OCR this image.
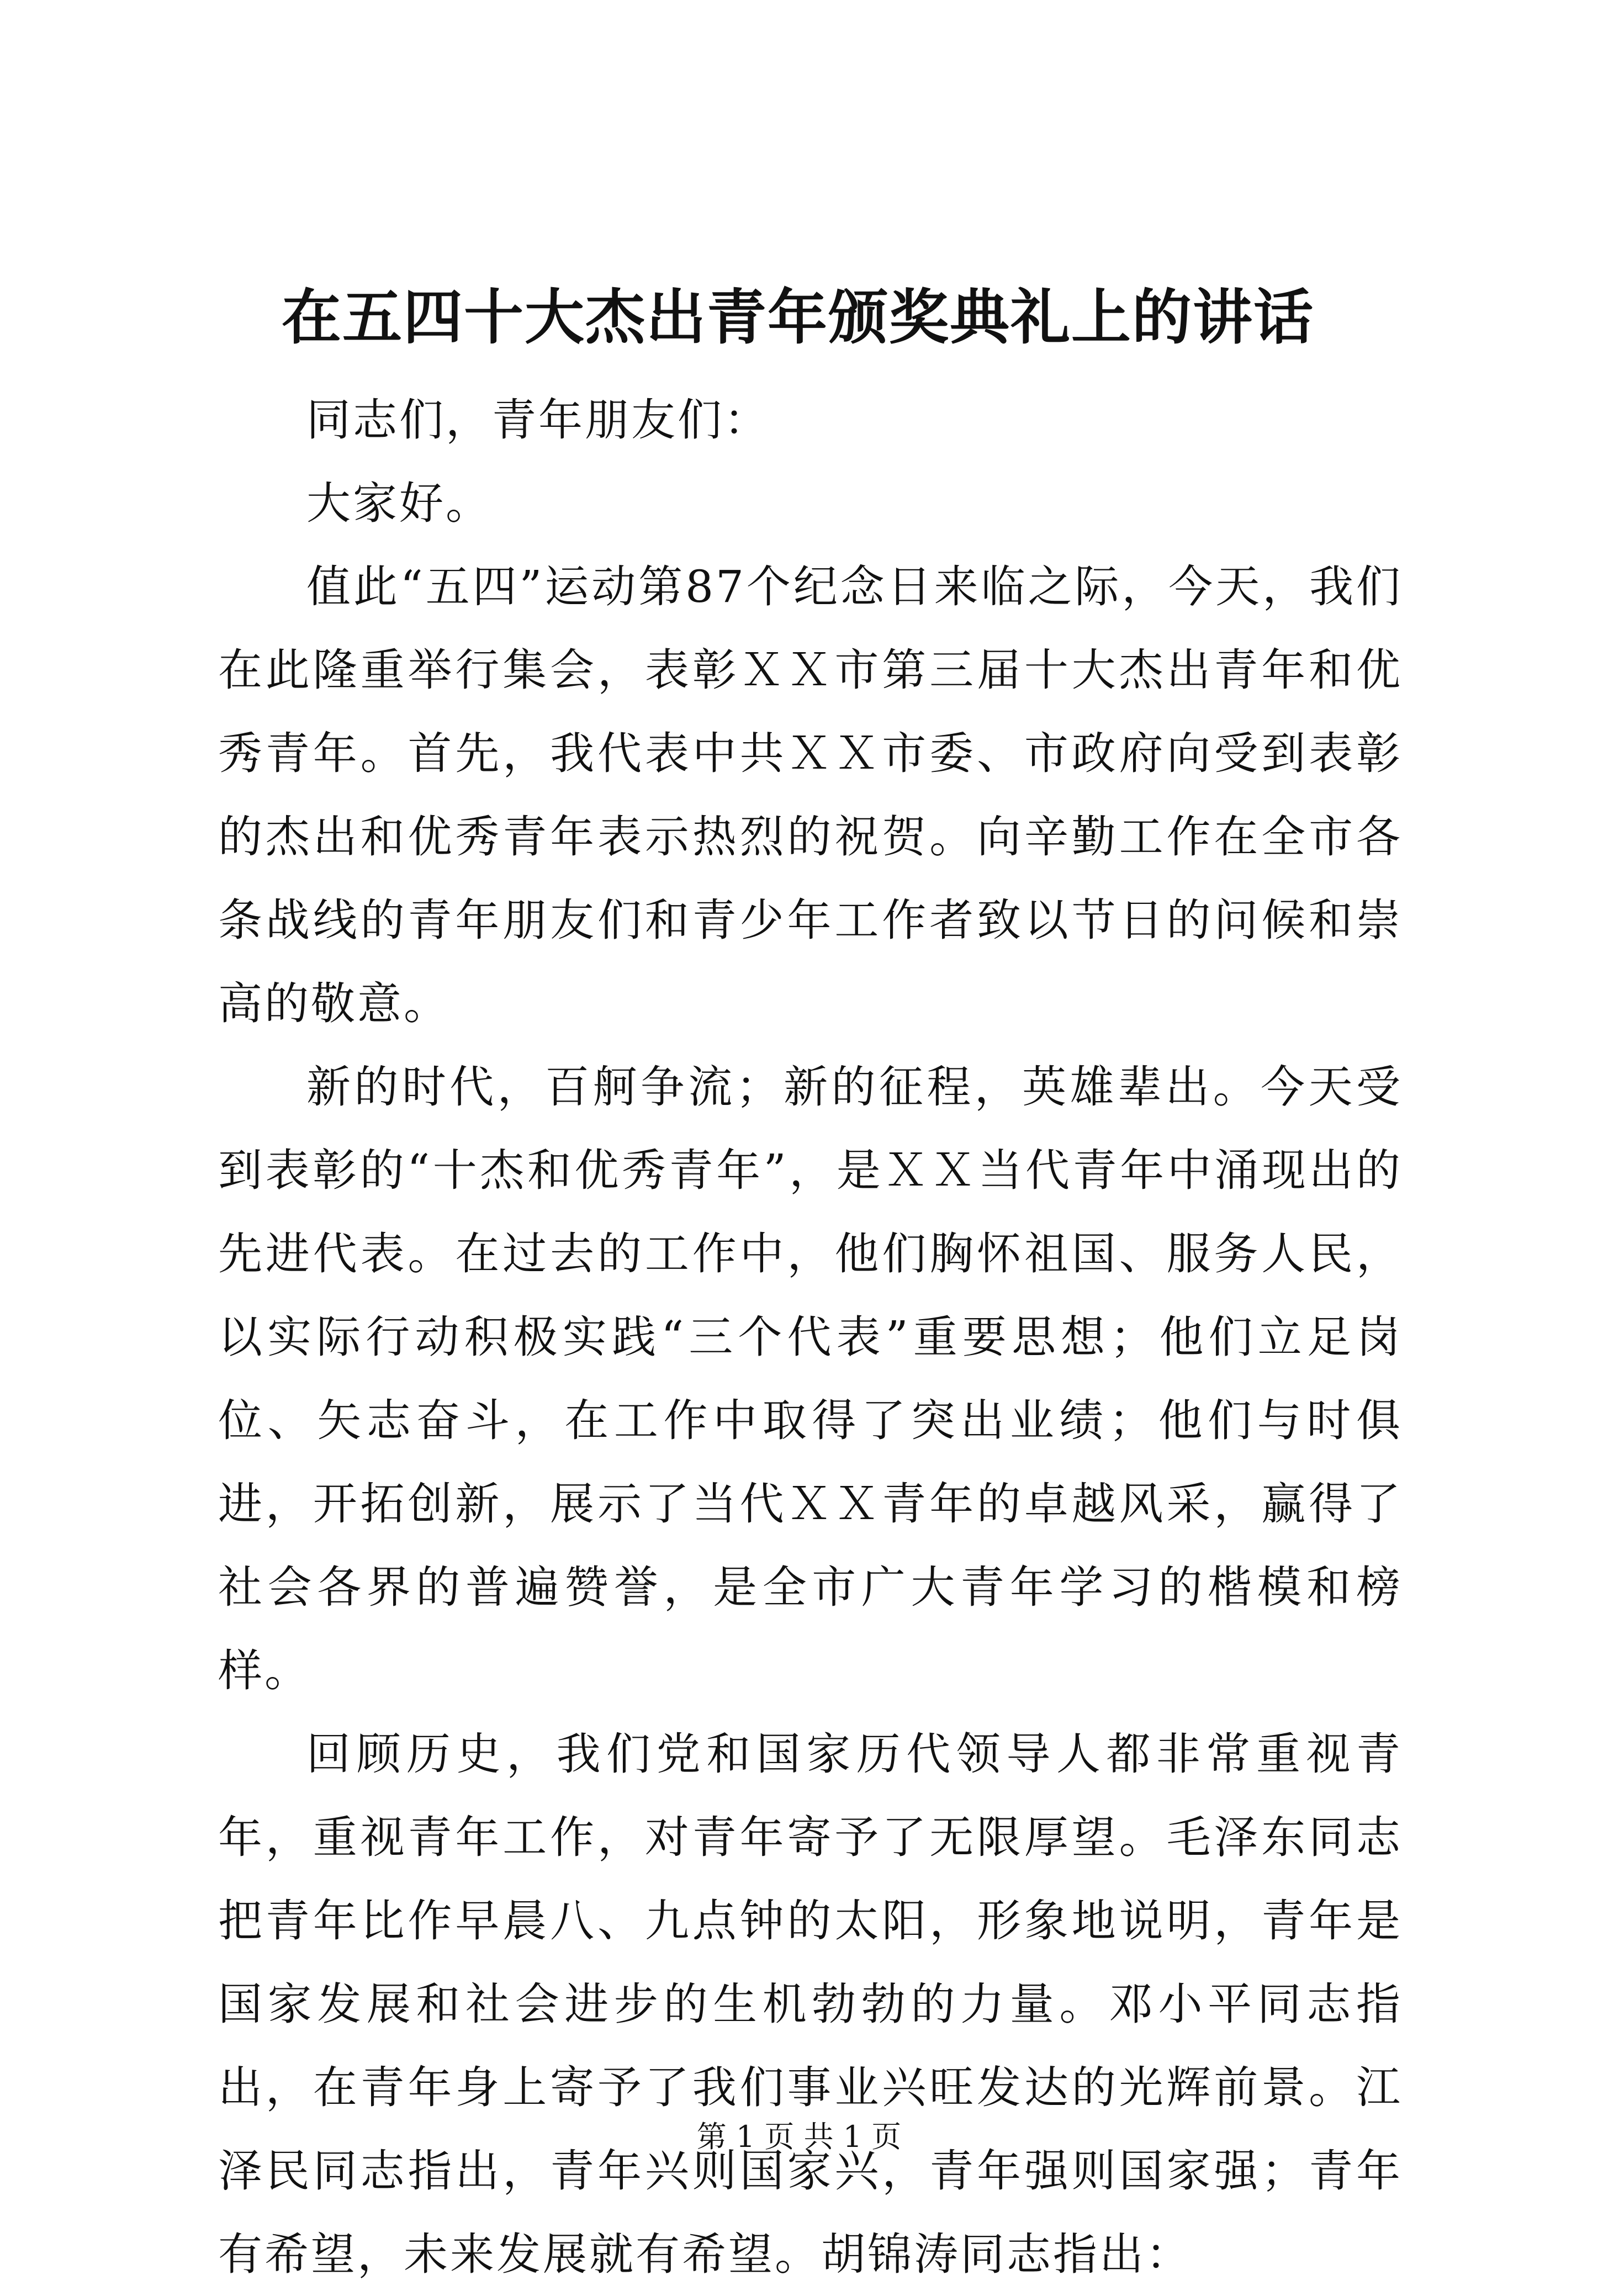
在五四十大杰出青年颁奖典礼上的讲话

同志们，青年朋友们：

大家好。

值此“五四”运动第87个纪念日来临之际，今天，我们在此隆重举行集会，表彰ＸＸ市第三届十大杰出青年和优秀青年。首先，我代表中共ＸＸ市委、市政府向受到表彰的杰出和优秀青年表示热烈的祝贺。向辛勤工作在全市各条战线的青年朋友们和青少年工作者致以节日的问候和崇高的敬意。

新的时代，百舸争流；新的征程，英雄辈出。今天受到表彰的“十杰和优秀青年”，是ＸＸ当代青年中涌现出的先进代表。在过去的工作中，他们胸怀祖国、服务人民，以实际行动积极实践“三个代表”重要思想；他们立足岗位、矢志奋斗，在工作中取得了突出业绩；他们与时俱进，开拓创新，展示了当代ＸＸ青年的卓越风采，赢得了社会各界的普遍赞誉，是全市广大青年学习的楷模和榜样。

回顾历史，我们党和国家历代领导人都非常重视青年，重视青年工作，对青年寄予了无限厚望。毛泽东同志把青年比作早晨八、九点钟的太阳，形象地说明，青年是国家发展和社会进步的生机勃勃的力量。邓小平同志指出，在青年身上寄予了我们事业兴旺发达的光辉前景。江泽民同志指出，青年兴则国家兴，青年强则国家强；青年有希望，未来发展就有希望。胡锦涛同志指出：

第 1 页 共 1 页
